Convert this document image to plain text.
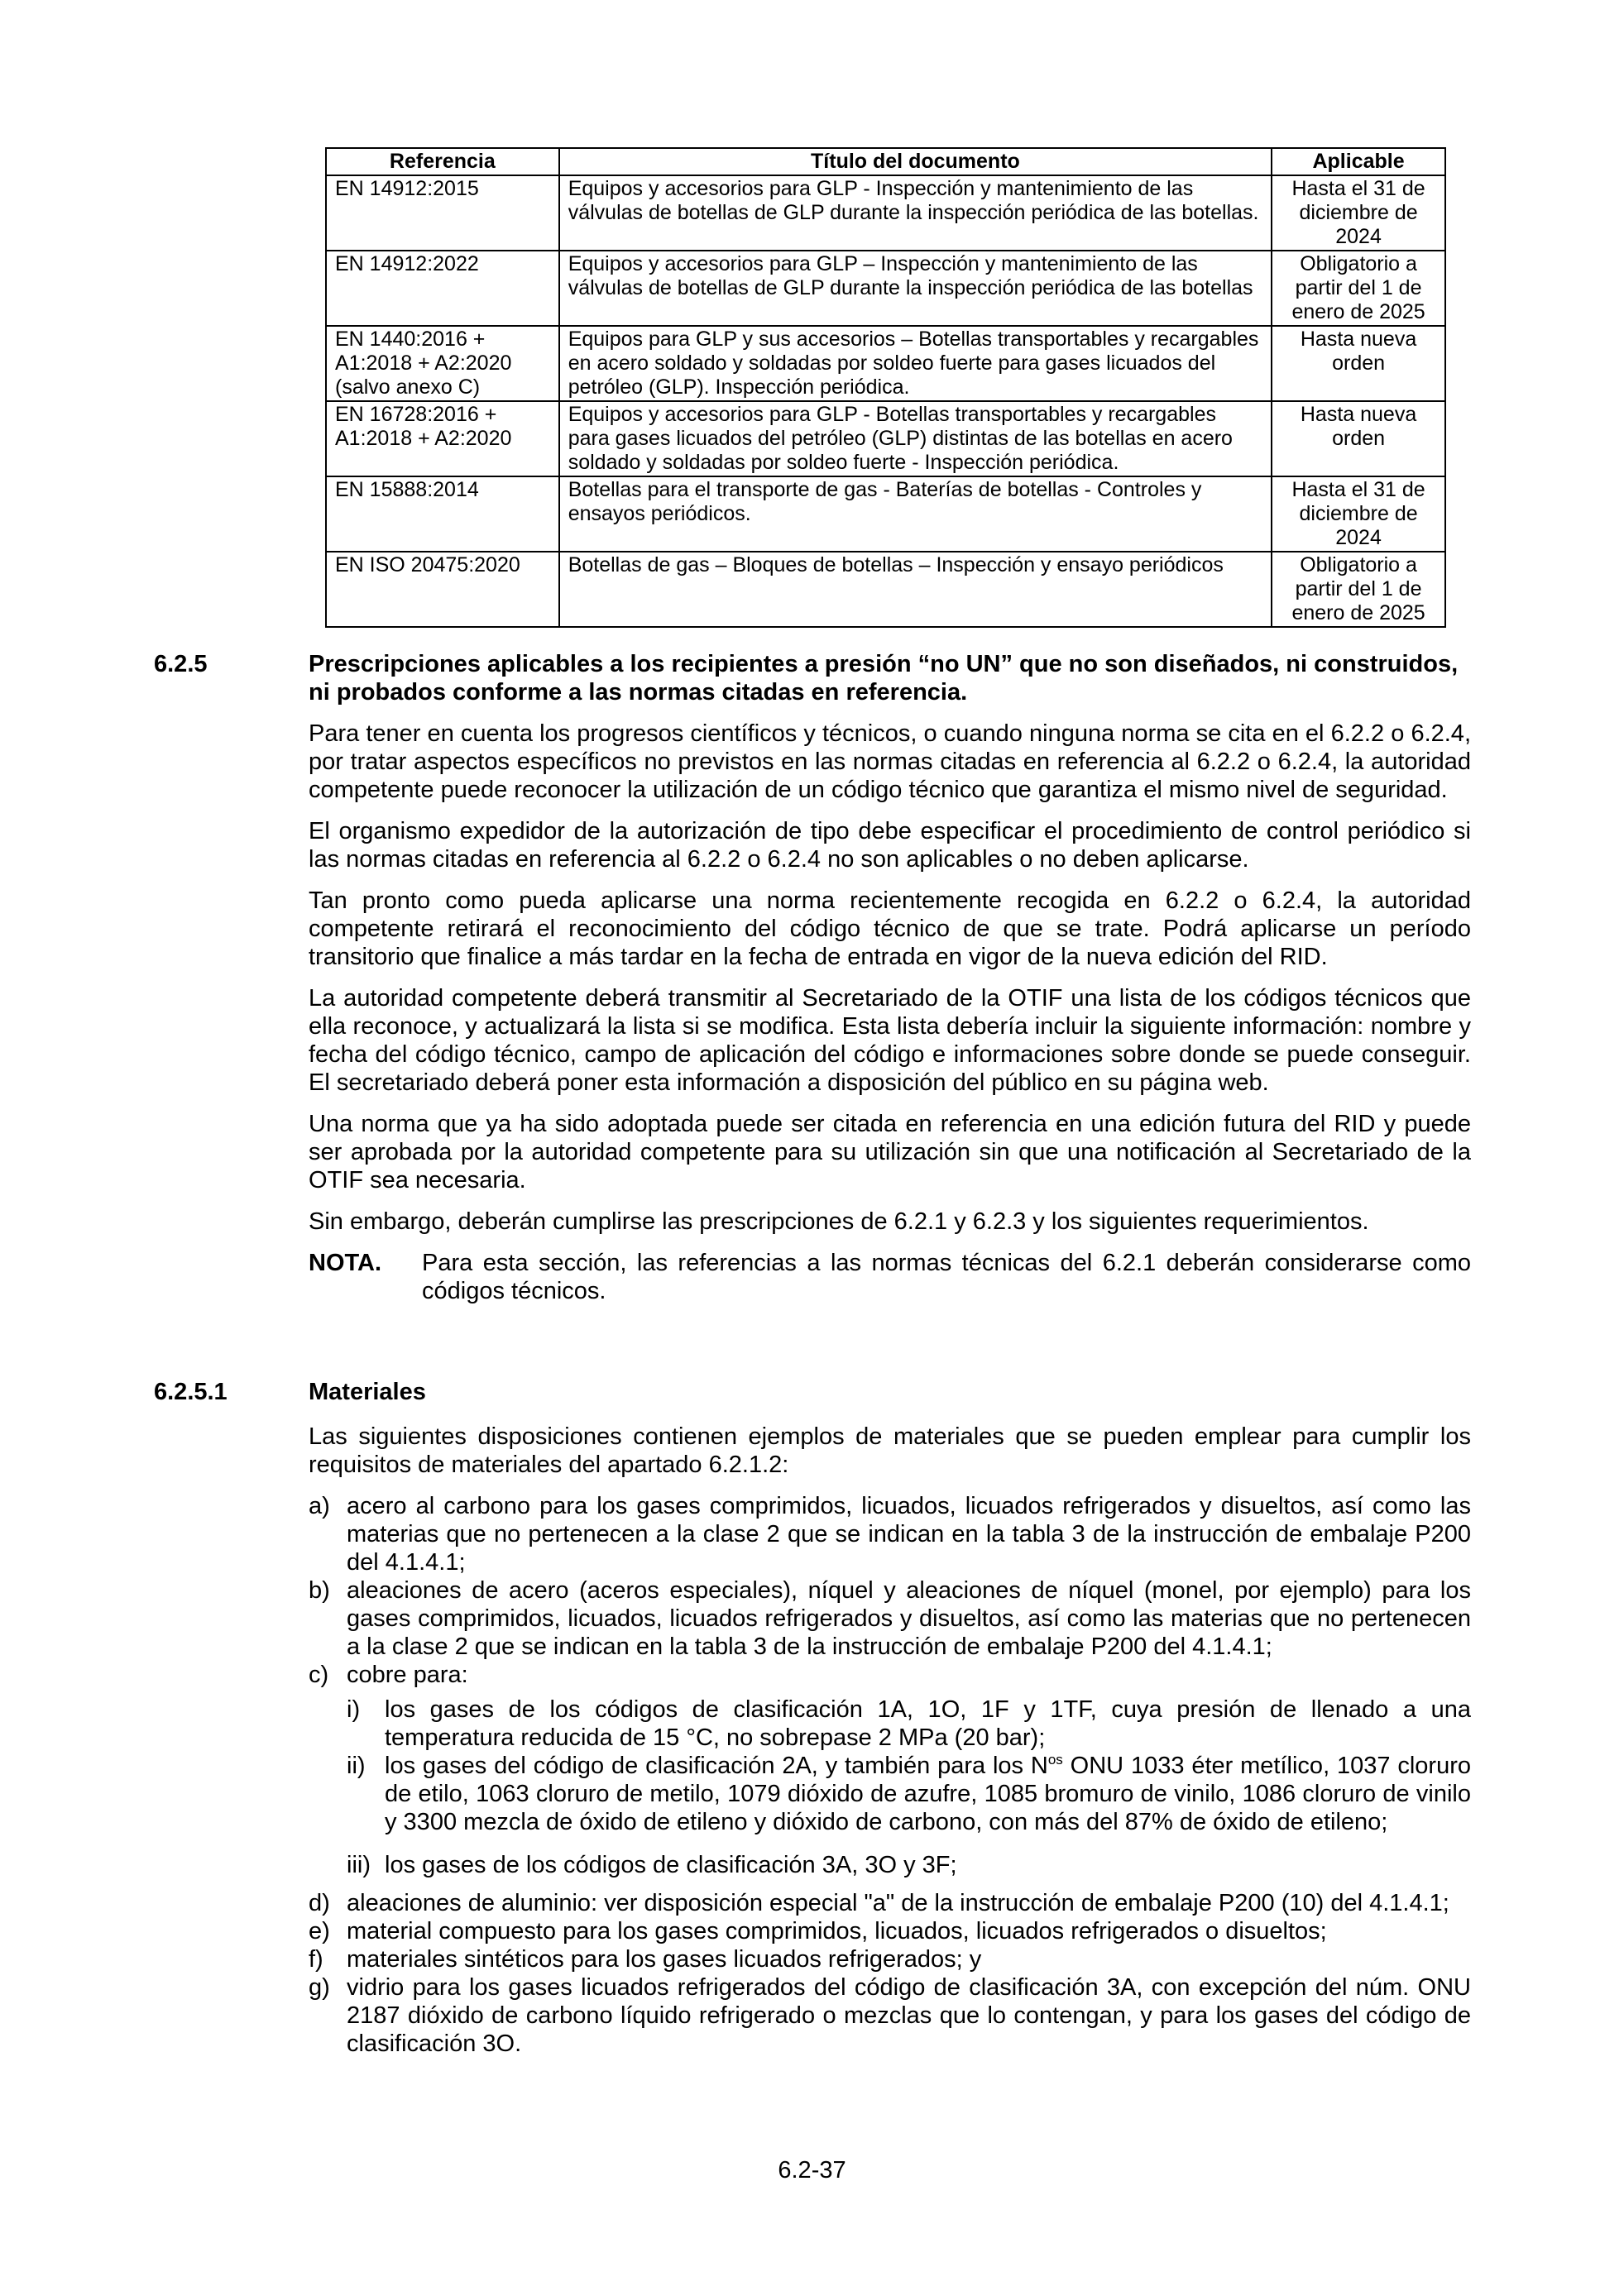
Referencia	Título del documento	Aplicable
EN 14912:2015	Equipos y accesorios para GLP - Inspección y mantenimiento de las válvulas de botellas de GLP durante la inspección periódica de las botellas.	Hasta el 31 de diciembre de 2024
EN 14912:2022	Equipos y accesorios para GLP – Inspección y mantenimiento de las válvulas de botellas de GLP durante la inspección periódica de las botellas	Obligatorio a partir del 1 de enero de 2025
EN 1440:2016 + A1:2018 + A2:2020 (salvo anexo C)	Equipos para GLP y sus accesorios – Botellas transportables y recargables en acero soldado y soldadas por soldeo fuerte para gases licuados del petróleo (GLP). Inspección periódica.	Hasta nueva orden
EN 16728:2016 + A1:2018 + A2:2020	Equipos y accesorios para GLP - Botellas transportables y recargables para gases licuados del petróleo (GLP) distintas de las botellas en acero soldado y soldadas por soldeo fuerte - Inspección periódica.	Hasta nueva orden
EN 15888:2014	Botellas para el transporte de gas - Baterías de botellas - Controles y ensayos periódicos.	Hasta el 31 de diciembre de 2024
EN ISO 20475:2020	Botellas de gas – Bloques de botellas – Inspección y ensayo periódicos	Obligatorio a partir del 1 de enero de 2025
6.2.5	Prescripciones aplicables a los recipientes a presión “no UN” que no son diseñados, ni construidos, ni probados conforme a las normas citadas en referencia.

Para tener en cuenta los progresos científicos y técnicos, o cuando ninguna norma se cita en el 6.2.2 o 6.2.4, por tratar aspectos específicos no previstos en las normas citadas en referencia al 6.2.2 o 6.2.4, la autoridad competente puede reconocer la utilización de un código técnico que garantiza el mismo nivel de seguridad.

El organismo expedidor de la autorización de tipo debe especificar el procedimiento de control periódico si las normas citadas en referencia al 6.2.2 o 6.2.4 no son aplicables o no deben aplicarse.

Tan pronto como pueda aplicarse una norma recientemente recogida en 6.2.2 o 6.2.4, la autoridad competente retirará el reconocimiento del código técnico de que se trate. Podrá aplicarse un período transitorio que finalice a más tardar en la fecha de entrada en vigor de la nueva edición del RID.

La autoridad competente deberá transmitir al Secretariado de la OTIF una lista de los códigos técnicos que ella reconoce, y actualizará la lista si se modifica. Esta lista debería incluir la siguiente información: nombre y fecha del código técnico, campo de aplicación del código e informaciones sobre donde se puede conseguir. El secretariado deberá poner esta información a disposición del público en su página web.

Una norma que ya ha sido adoptada puede ser citada en referencia en una edición futura del RID y puede ser aprobada por la autoridad competente para su utilización sin que una notificación al Secretariado de la OTIF sea necesaria.

Sin embargo, deberán cumplirse las prescripciones de 6.2.1 y 6.2.3 y los siguientes requerimientos.

NOTA.	Para esta sección, las referencias a las normas técnicas del 6.2.1 deberán considerarse como códigos técnicos.
6.2.5.1	Materiales

Las siguientes disposiciones contienen ejemplos de materiales que se pueden emplear para cumplir los requisitos de materiales del apartado 6.2.1.2:

a) acero al carbono para los gases comprimidos, licuados, licuados refrigerados y disueltos, así como las materias que no pertenecen a la clase 2 que se indican en la tabla 3 de la instrucción de embalaje P200 del 4.1.4.1;
b) aleaciones de acero (aceros especiales), níquel y aleaciones de níquel (monel, por ejemplo) para los gases comprimidos, licuados, licuados refrigerados y disueltos, así como las materias que no pertenecen a la clase 2 que se indican en la tabla 3 de la instrucción de embalaje P200 del 4.1.4.1;
c) cobre para:
i)	los gases de los códigos de clasificación 1A, 1O, 1F y 1TF, cuya presión de llenado a una temperatura reducida de 15 °C, no sobrepase 2 MPa (20 bar);
ii) los gases del código de clasificación 2A, y también para los $N^{os}$ ONU 1033 éter metílico, 1037 cloruro de etilo, 1063 cloruro de metilo, 1079 dióxido de azufre, 1085 bromuro de vinilo, 1086 cloruro de vinilo y 3300 mezcla de óxido de etileno y dióxido de carbono, con más del 87% de óxido de etileno;
iii) los gases de los códigos de clasificación 3A, 3O y 3F;
d) aleaciones de aluminio: ver disposición especial "a" de la instrucción de embalaje P200 (10) del 4.1.4.1;
e) material compuesto para los gases comprimidos, licuados, licuados refrigerados o disueltos;
f) materiales sintéticos para los gases licuados refrigerados; y
g) vidrio para los gases licuados refrigerados del código de clasificación 3A, con excepción del núm. ONU 2187 dióxido de carbono líquido refrigerado o mezclas que lo contengan, y para los gases del código de clasificación 3O.
6.2-37
